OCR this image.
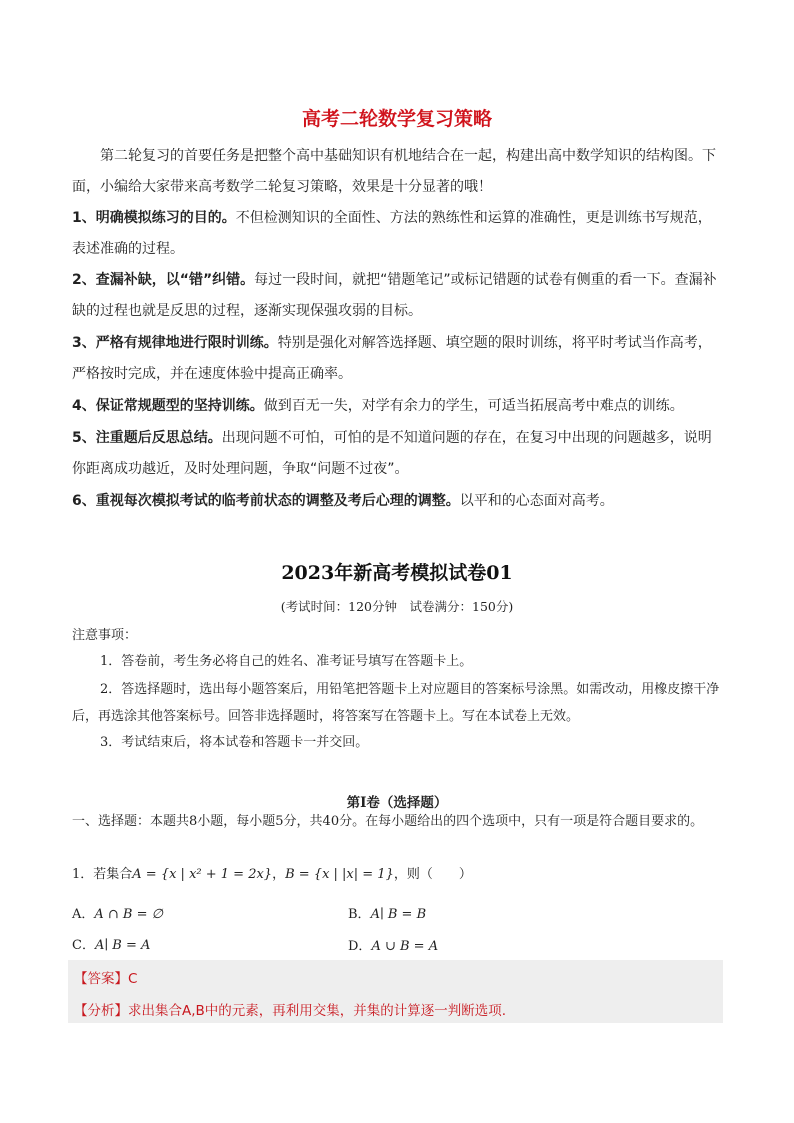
高考二轮数学复习策略

第二轮复习的首要任务是把整个高中基础知识有机地结合在一起，构建出高中数学知识的结构图。下面，小编给大家带来高考数学二轮复习策略，效果是十分显著的哦！

1、明确模拟练习的目的。不但检测知识的全面性、方法的熟练性和运算的准确性，更是训练书写规范，表述准确的过程。

2、查漏补缺，以“错”纠错。每过一段时间，就把“错题笔记”或标记错题的试卷有侧重的看一下。查漏补缺的过程也就是反思的过程，逐渐实现保强攻弱的目标。

3、严格有规律地进行限时训练。特别是强化对解答选择题、填空题的限时训练，将平时考试当作高考，严格按时完成，并在速度体验中提高正确率。

4、保证常规题型的坚持训练。做到百无一失，对学有余力的学生，可适当拓展高考中难点的训练。

5、注重题后反思总结。出现问题不可怕，可怕的是不知道问题的存在，在复习中出现的问题越多，说明你距离成功越近，及时处理问题，争取“问题不过夜”。

6、重视每次模拟考试的临考前状态的调整及考后心理的调整。以平和的心态面对高考。

2023年新高考模拟试卷01
(考试时间：120分钟　试卷满分：150分)
注意事项：

1．答卷前，考生务必将自己的姓名、准考证号填写在答题卡上。

2．答选择题时，选出每小题答案后，用铅笔把答题卡上对应题目的答案标号涂黑。如需改动，用橡皮擦干净后，再选涂其他答案标号。回答非选择题时，将答案写在答题卡上。写在本试卷上无效。

3．考试结束后，将本试卷和答题卡一并交回。

第Ⅰ卷（选择题）

一、选择题：本题共8小题，每小题5分，共40分。在每小题给出的四个选项中，只有一项是符合题目要求的。

1．若集合A = {x | x² + 1 = 2x}，B = {x | |x| = 1}，则（　　）
A．A ∩ B = ∅	B．A∣ B = B
C．A∣ B = A	D．A ∪ B = A
【答案】C
【分析】求出集合A,B中的元素，再利用交集，并集的计算逐一判断选项.
